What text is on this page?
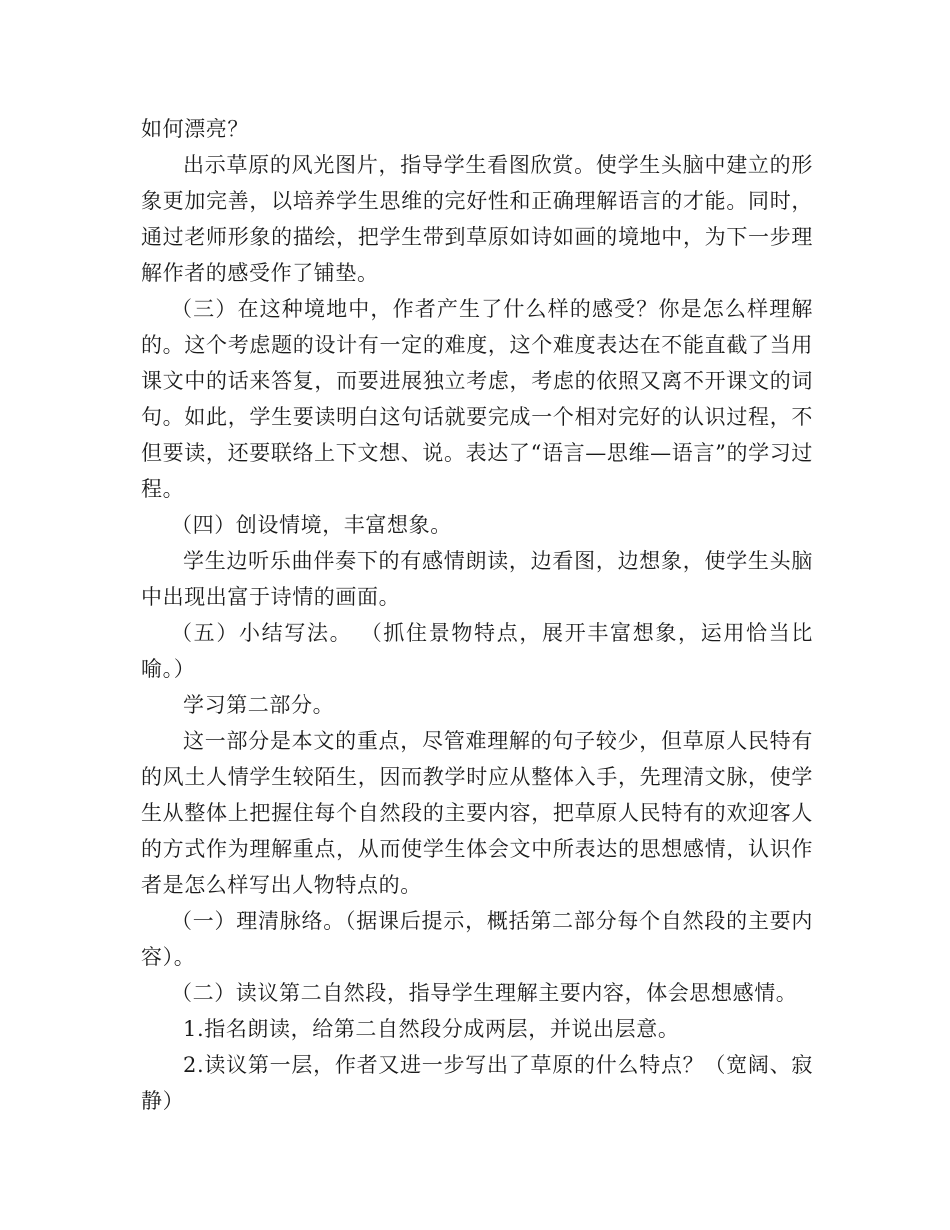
如何漂亮？

出示草原的风光图片，指导学生看图欣赏。使学生头脑中建立的形象更加完善，以培养学生思维的完好性和正确理解语言的才能。同时，通过老师形象的描绘，把学生带到草原如诗如画的境地中，为下一步理解作者的感受作了铺垫。

（三）在这种境地中，作者产生了什么样的感受？你是怎么样理解的。这个考虑题的设计有一定的难度，这个难度表达在不能直截了当用课文中的话来答复，而要进展独立考虑，考虑的依照又离不开课文的词句。如此，学生要读明白这句话就要完成一个相对完好的认识过程，不但要读，还要联络上下文想、说。表达了“语言—思维—语言”的学习过程。

（四）创设情境，丰富想象。

学生边听乐曲伴奏下的有感情朗读，边看图，边想象，使学生头脑中出现出富于诗情的画面。

（五）小结写法。 （抓住景物特点，展开丰富想象，运用恰当比喻。）

学习第二部分。

这一部分是本文的重点，尽管难理解的句子较少，但草原人民特有的风土人情学生较陌生，因而教学时应从整体入手，先理清文脉，使学生从整体上把握住每个自然段的主要内容，把草原人民特有的欢迎客人的方式作为理解重点，从而使学生体会文中所表达的思想感情，认识作者是怎么样写出人物特点的。

（一）理清脉络。（据课后提示，概括第二部分每个自然段的主要内容）。

（二）读议第二自然段，指导学生理解主要内容，体会思想感情。

1.指名朗读，给第二自然段分成两层，并说出层意。

2.读议第一层，作者又进一步写出了草原的什么特点？（宽阔、寂静）
